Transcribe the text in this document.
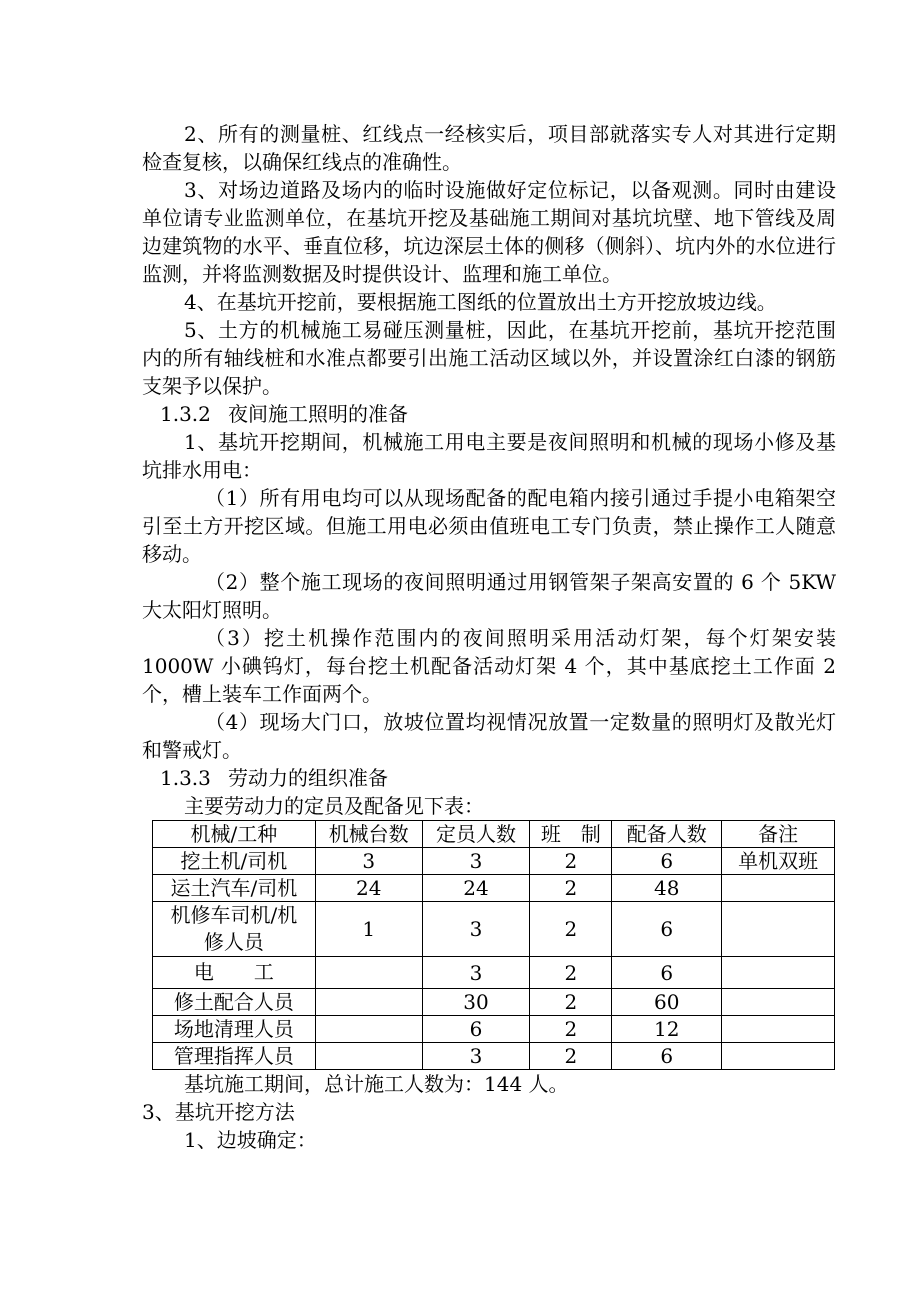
2、所有的测量桩、红线点一经核实后，项目部就落实专人对其进行定期检查复核，以确保红线点的准确性。

3、对场边道路及场内的临时设施做好定位标记，以备观测。同时由建设单位请专业监测单位，在基坑开挖及基础施工期间对基坑坑壁、地下管线及周边建筑物的水平、垂直位移，坑边深层土体的侧移（侧斜）、坑内外的水位进行监测，并将监测数据及时提供设计、监理和施工单位。

4、在基坑开挖前，要根据施工图纸的位置放出土方开挖放坡边线。

5、土方的机械施工易碰压测量桩，因此，在基坑开挖前，基坑开挖范围内的所有轴线桩和水准点都要引出施工活动区域以外，并设置涂红白漆的钢筋支架予以保护。

1.3.2 夜间施工照明的准备

1、基坑开挖期间，机械施工用电主要是夜间照明和机械的现场小修及基坑排水用电：

（1）所有用电均可以从现场配备的配电箱内接引通过手提小电箱架空引至土方开挖区域。但施工用电必须由值班电工专门负责，禁止操作工人随意移动。

（2）整个施工现场的夜间照明通过用钢管架子架高安置的 6 个 5KW 大太阳灯照明。

（3）挖土机操作范围内的夜间照明采用活动灯架，每个灯架安装 1000W 小碘钨灯，每台挖土机配备活动灯架 4 个，其中基底挖土工作面 2 个，槽上装车工作面两个。

（4）现场大门口，放坡位置均视情况放置一定数量的照明灯及散光灯和警戒灯。

1.3.3 劳动力的组织准备

主要劳动力的定员及配备见下表：

机械/工种	机械台数	定员人数	班　制	配备人数	备注
挖土机/司机	3	3	2	6	单机双班
运土汽车/司机	24	24	2	48	
机修车司机/机修人员	1	3	2	6	
电　　工		3	2	6	
修土配合人员		30	2	60	
场地清理人员		6	2	12	
管理指挥人员		3	2	6	

基坑施工期间，总计施工人数为：144 人。

3、基坑开挖方法

1、边坡确定：
